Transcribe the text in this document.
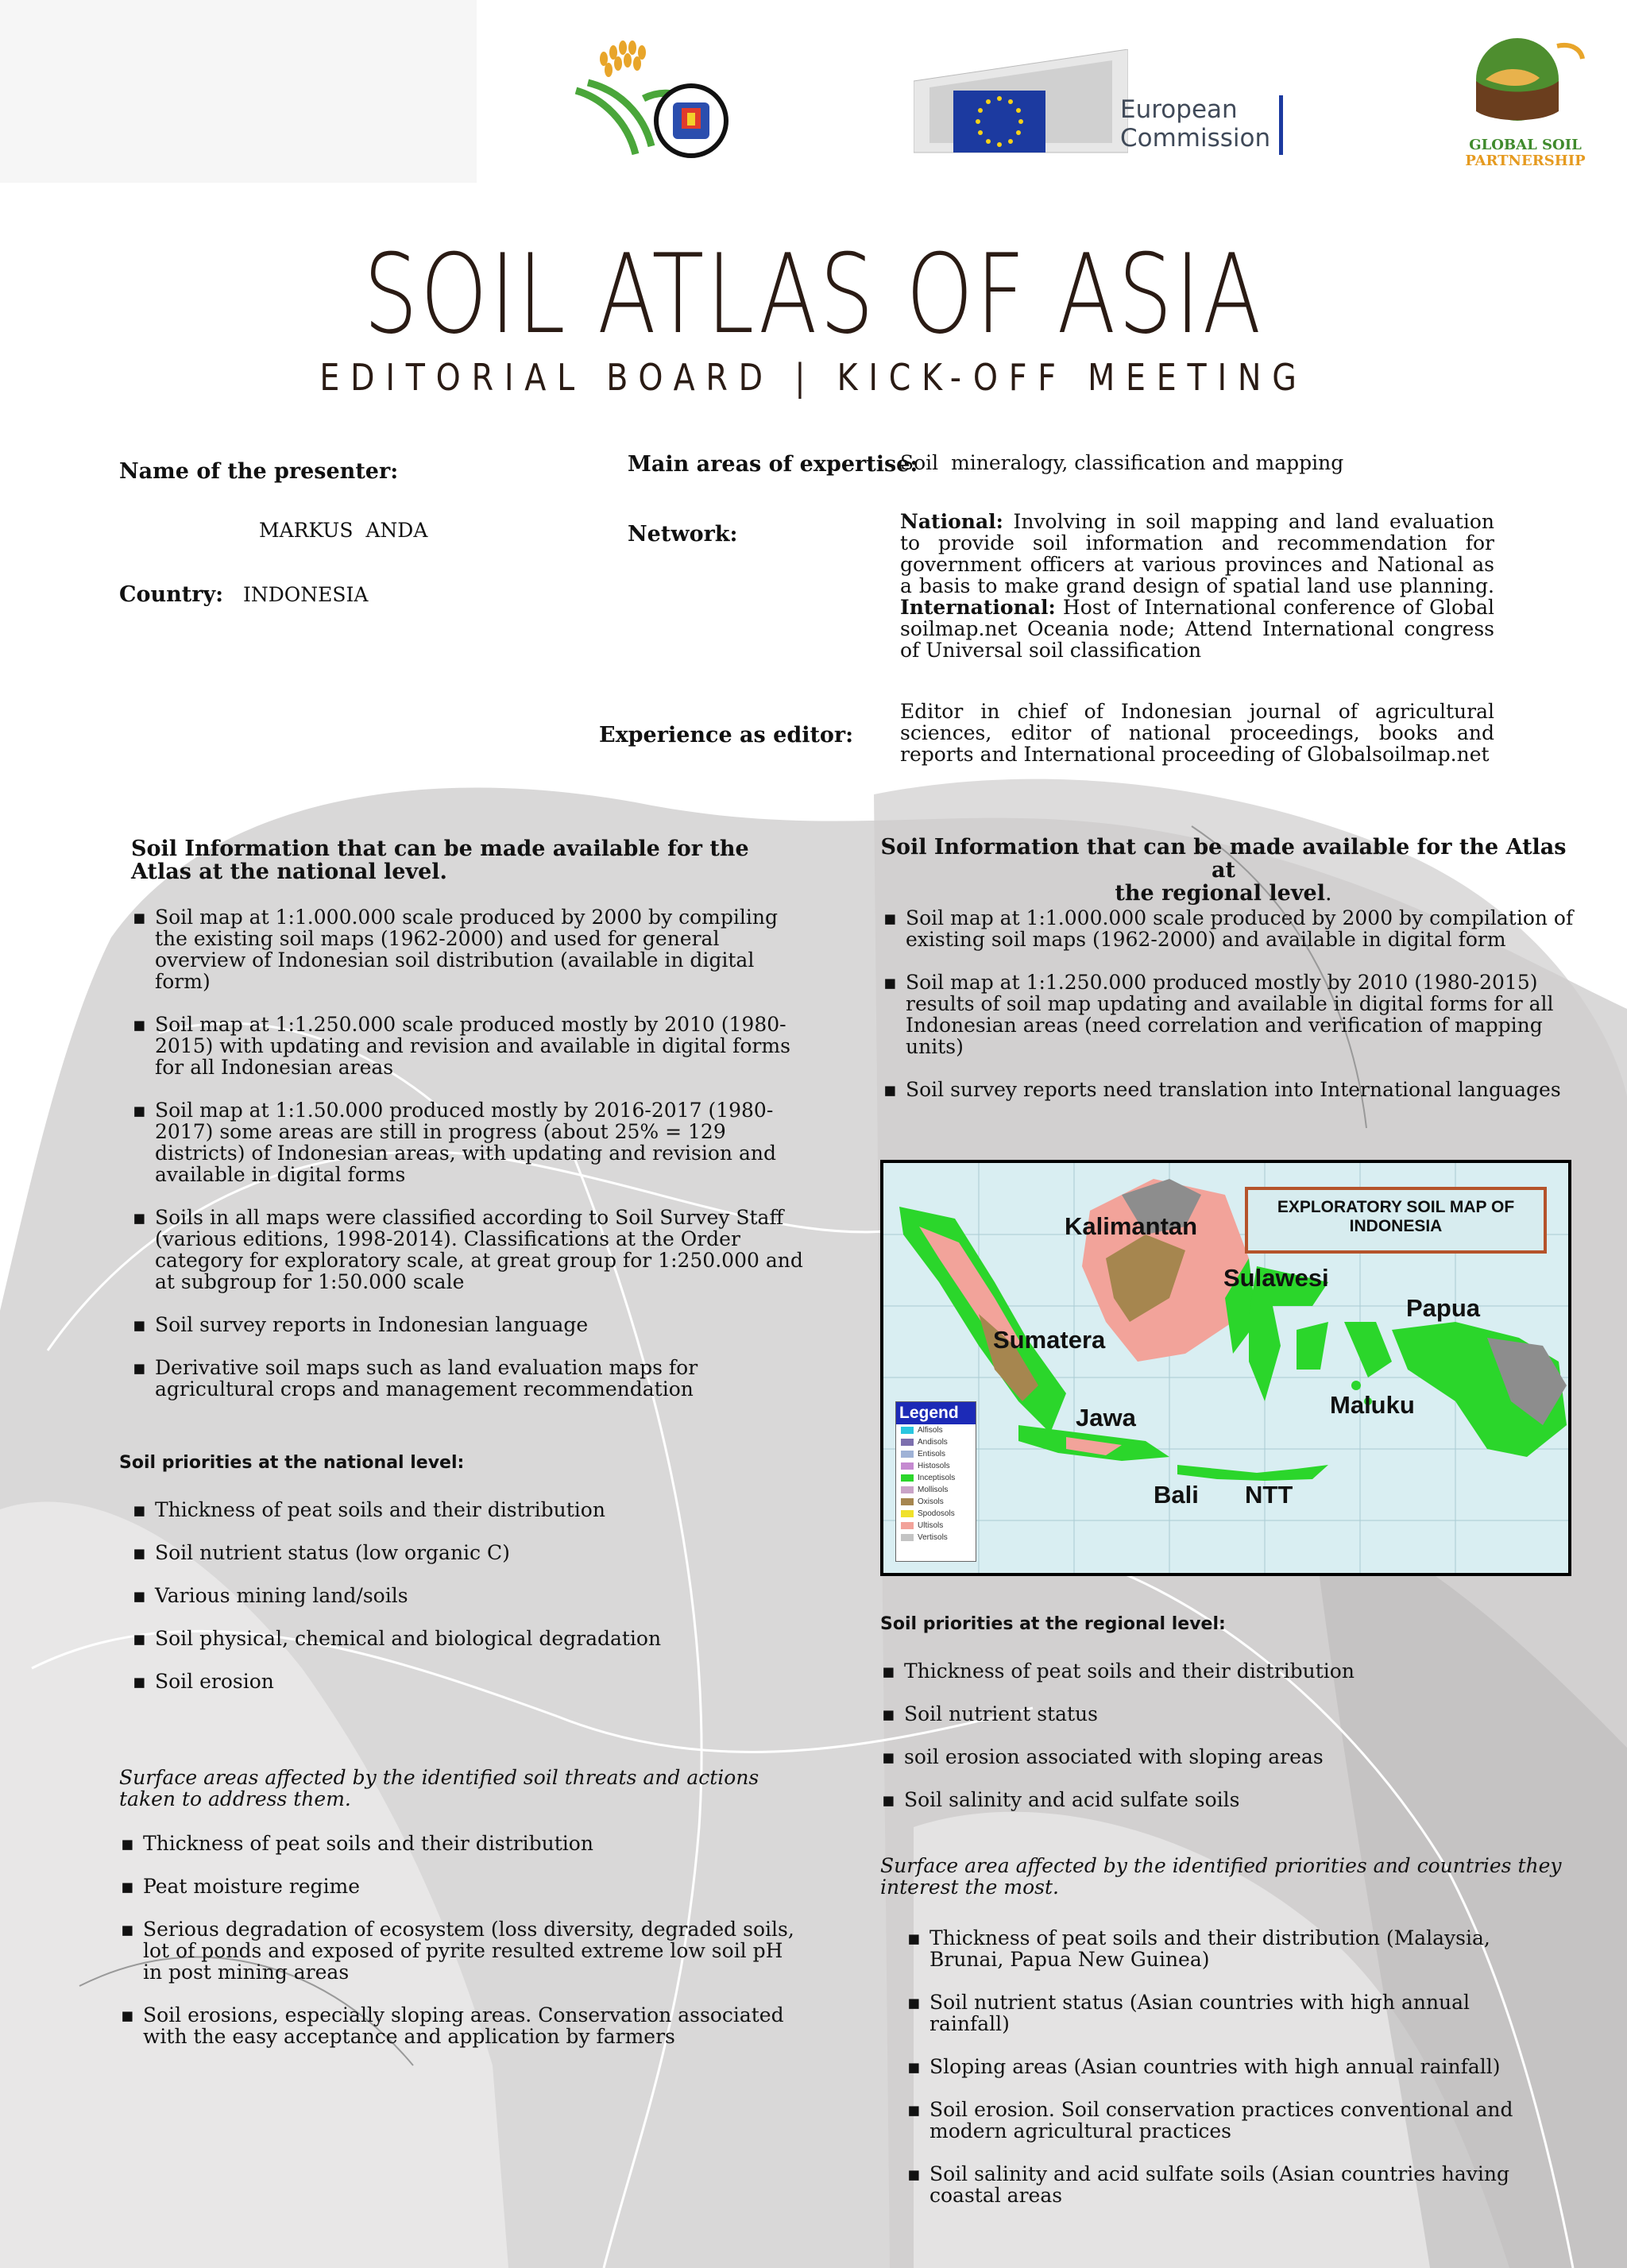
European
Commission	GLOBAL SOIL
PARTNERSHIP
SOIL ATLAS OF ASIA
EDITORIAL BOARD | KICK-OFF MEETING
Name of the presenter:
MARKUS  ANDA
Country: INDONESIA
Main areas of expertise:
Soil  mineralogy, classification and mapping
Network:
National: Involving in soil mapping and land evaluation to provide soil information and recommendation for government officers at various provinces and National as a basis to make grand design of spatial land use planning. International: Host of International conference of Global soilmap.net Oceania node; Attend International congress of Universal soil classification
Experience as editor:
Editor in chief of Indonesian journal of agricultural sciences, editor of national proceedings, books and reports and International proceeding of Globalsoilmap.net
Soil Information that can be made available for the Atlas at the national level.
▪ Soil map at 1:1.000.000 scale produced by 2000 by compiling the existing soil maps (1962-2000) and used for general overview of Indonesian soil distribution (available in digital form)
▪ Soil map at 1:1.250.000 scale produced mostly by 2010 (1980-2015) with updating and revision and available in digital forms for all Indonesian areas
▪ Soil map at 1:1.50.000 produced mostly by 2016-2017 (1980-2017) some areas are still in progress (about 25% = 129 districts) of Indonesian areas, with updating and revision and available in digital forms
▪ Soils in all maps were classified according to Soil Survey Staff (various editions, 1998-2014). Classifications at the Order category for exploratory scale, at great group for 1:250.000 and at subgroup for 1:50.000 scale
▪ Soil survey reports in Indonesian language
▪ Derivative soil maps such as land evaluation maps for agricultural crops and management recommendation
Soil priorities at the national level:
▪ Thickness of peat soils and their distribution
▪ Soil nutrient status (low organic C)
▪ Various mining land/soils
▪ Soil physical, chemical and biological degradation
▪ Soil erosion
Surface areas affected by the identified soil threats and actions taken to address them.
▪ Thickness of peat soils and their distribution
▪ Peat moisture regime
▪ Serious degradation of ecosystem (loss diversity, degraded soils, lot of ponds and exposed of pyrite resulted extreme low soil pH in post mining areas
▪ Soil erosions, especially sloping areas. Conservation associated with the easy acceptance and application by farmers
Soil Information that can be made available for the Atlas at
the regional level.
▪ Soil map at 1:1.000.000 scale produced by 2000 by compilation of existing soil maps (1962-2000) and available in digital form
▪ Soil map at 1:1.250.000 produced mostly by 2010 (1980-2015) results of soil map updating and available in digital forms for all Indonesian areas (need correlation and verification of mapping units)
▪ Soil survey reports need translation into International languages
EXPLORATORY SOIL MAP OF INDONESIA
Kalimantan
Sulawesi
Papua
Sumatera
Maluku
Jawa
Bali NTT
Legend
Alfisols
Andisols
Entisols
Histosols
Inceptisols
Mollisols
Oxisols
Spodosols
Ultisols
Vertisols
Soil priorities at the regional level:
▪ Thickness of peat soils and their distribution
▪ Soil nutrient status
▪ soil erosion associated with sloping areas
▪ Soil salinity and acid sulfate soils
Surface area affected by the identified priorities and countries they interest the most.
▪ Thickness of peat soils and their distribution (Malaysia, Brunai, Papua New Guinea)
▪ Soil nutrient status (Asian countries with high annual rainfall)
▪ Sloping areas (Asian countries with high annual rainfall)
▪ Soil erosion. Soil conservation practices conventional and modern agricultural practices
▪ Soil salinity and acid sulfate soils (Asian countries having coastal areas
